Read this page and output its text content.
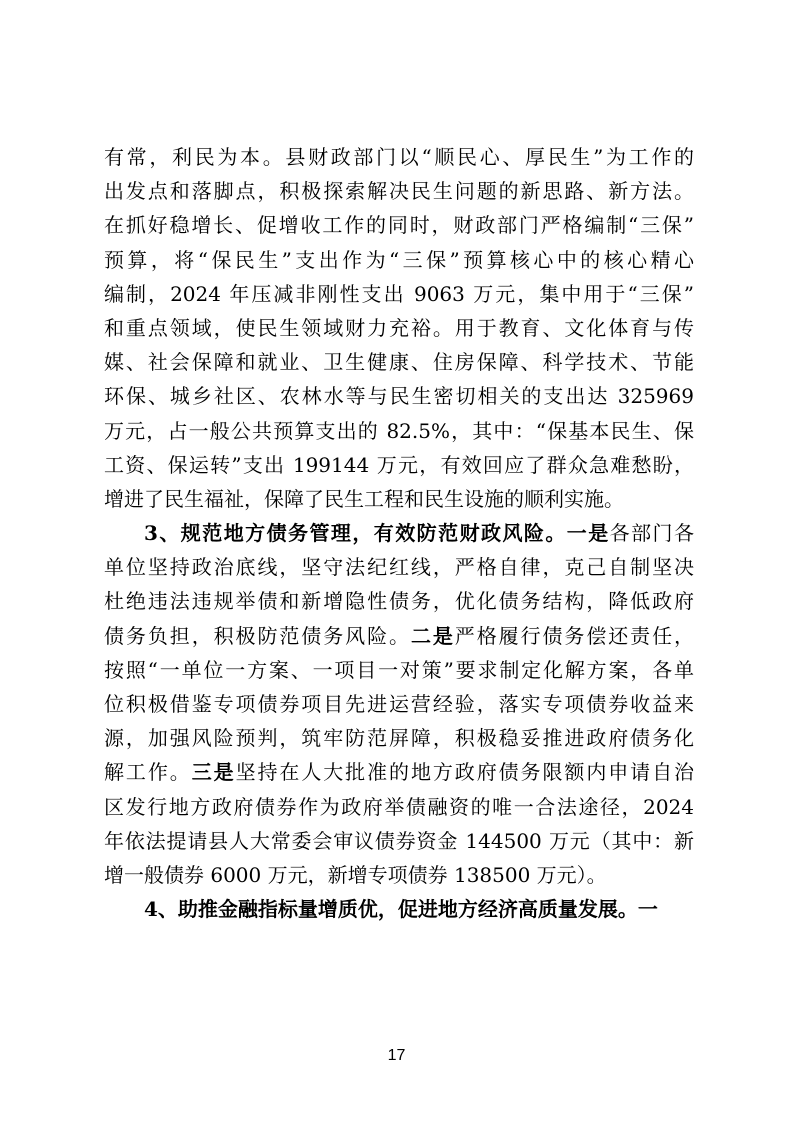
有常，利民为本。县财政部门以“顺民心、厚民生”为工作的
出发点和落脚点，积极探索解决民生问题的新思路、新方法。
在抓好稳增长、促增收工作的同时，财政部门严格编制“三保”
预算，将“保民生”支出作为“三保”预算核心中的核心精心
编制，2024 年压减非刚性支出 9063 万元，集中用于“三保”
和重点领域，使民生领域财力充裕。用于教育、文化体育与传
媒、社会保障和就业、卫生健康、住房保障、科学技术、节能
环保、城乡社区、农林水等与民生密切相关的支出达 325969
万元，占一般公共预算支出的 82.5%，其中：“保基本民生、保
工资、保运转”支出 199144 万元，有效回应了群众急难愁盼，
增进了民生福祉，保障了民生工程和民生设施的顺利实施。
3、规范地方债务管理，有效防范财政风险。一是各部门各
单位坚持政治底线，坚守法纪红线，严格自律，克己自制坚决
杜绝违法违规举债和新增隐性债务，优化债务结构，降低政府
债务负担，积极防范债务风险。二是严格履行债务偿还责任，
按照“一单位一方案、一项目一对策”要求制定化解方案，各单
位积极借鉴专项债券项目先进运营经验，落实专项债券收益来
源，加强风险预判，筑牢防范屏障，积极稳妥推进政府债务化
解工作。三是坚持在人大批准的地方政府债务限额内申请自治
区发行地方政府债券作为政府举债融资的唯一合法途径，2024
年依法提请县人大常委会审议债券资金 144500 万元（其中：新
增一般债券 6000 万元，新增专项债券 138500 万元）。
4、助推金融指标量增质优，促进地方经济高质量发展。一
17
